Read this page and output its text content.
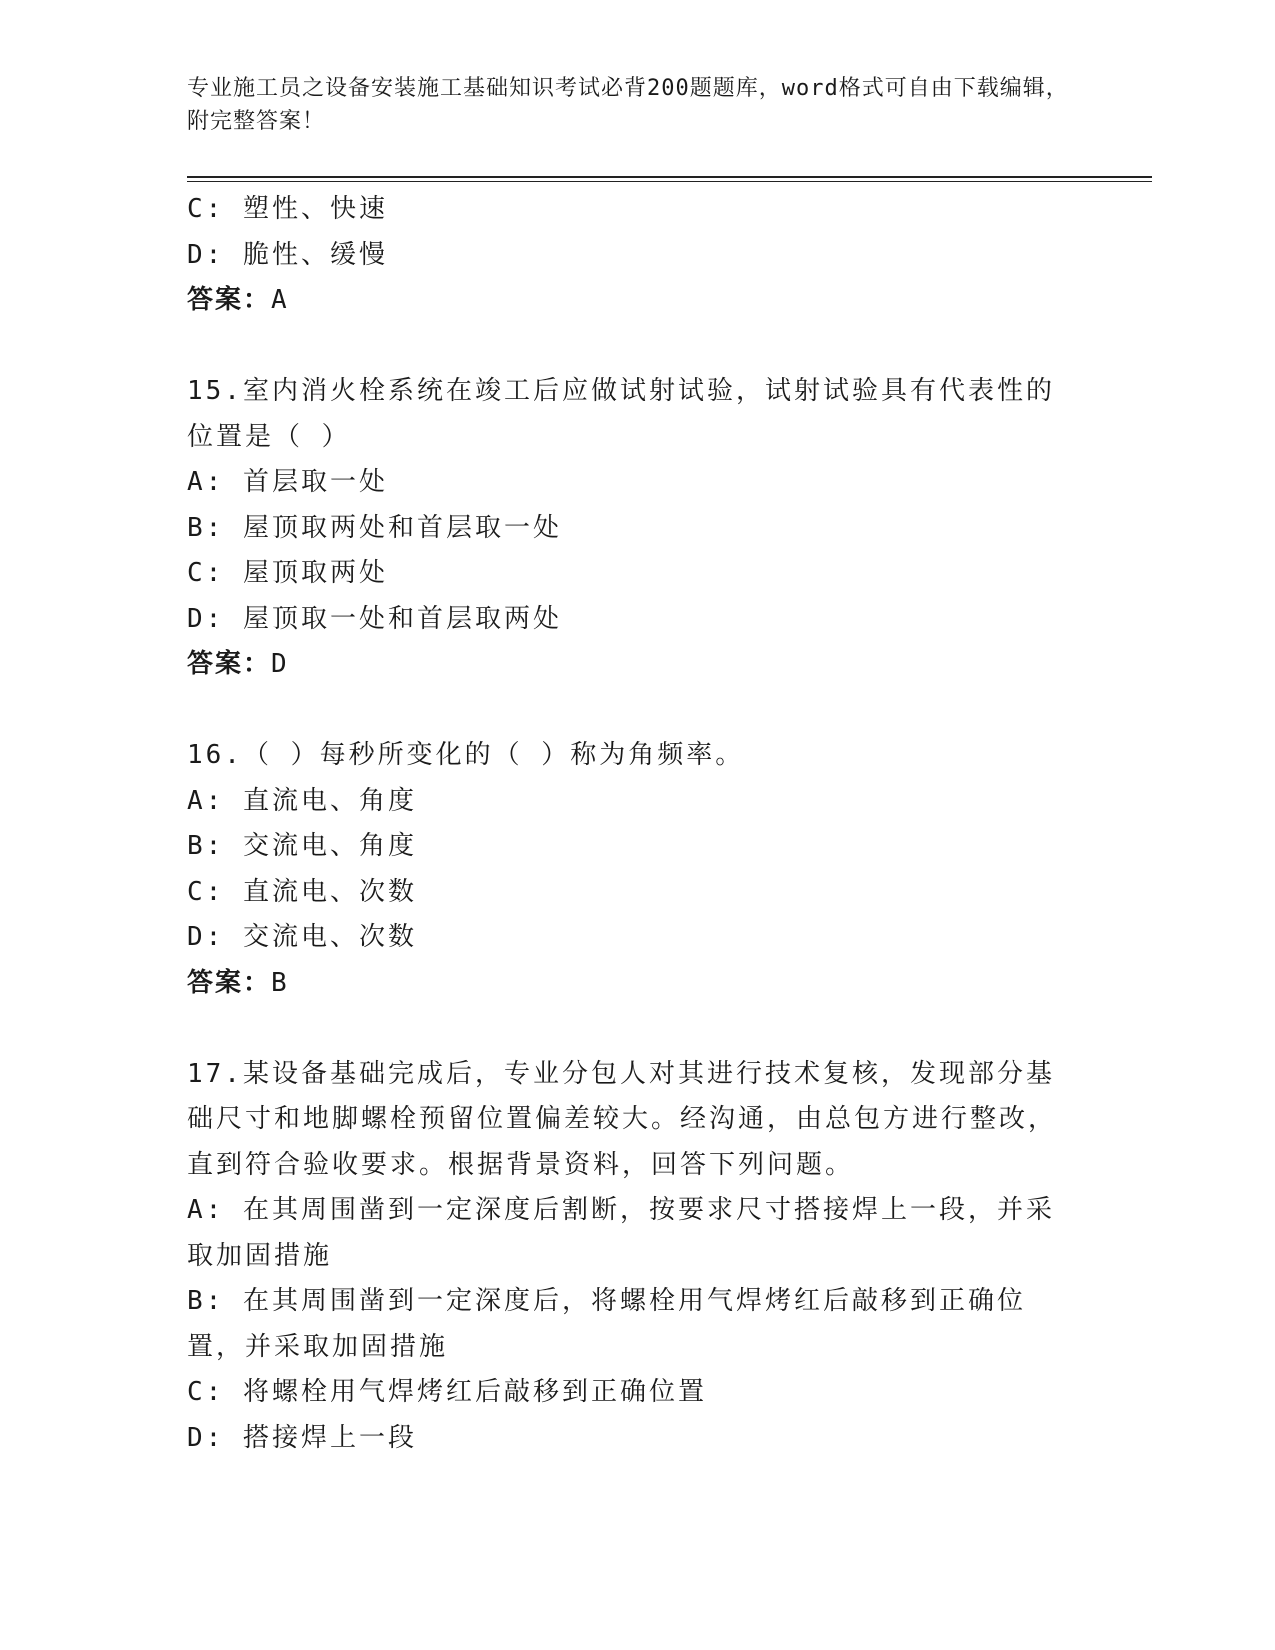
专业施工员之设备安装施工基础知识考试必背200题题库，word格式可自由下载编辑，附完整答案！
C: 塑性、快速
D: 脆性、缓慢
答案：A
15.室内消火栓系统在竣工后应做试射试验，试射试验具有代表性的位置是（ ）
A: 首层取一处
B: 屋顶取两处和首层取一处
C: 屋顶取两处
D: 屋顶取一处和首层取两处
答案：D
16.（ ）每秒所变化的（ ）称为角频率。
A: 直流电、角度
B: 交流电、角度
C: 直流电、次数
D: 交流电、次数
答案：B
17.某设备基础完成后，专业分包人对其进行技术复核，发现部分基础尺寸和地脚螺栓预留位置偏差较大。经沟通，由总包方进行整改，直到符合验收要求。根据背景资料，回答下列问题。
A: 在其周围凿到一定深度后割断，按要求尺寸搭接焊上一段，并采取加固措施
B: 在其周围凿到一定深度后，将螺栓用气焊烤红后敲移到正确位置，并采取加固措施
C: 将螺栓用气焊烤红后敲移到正确位置
D: 搭接焊上一段
